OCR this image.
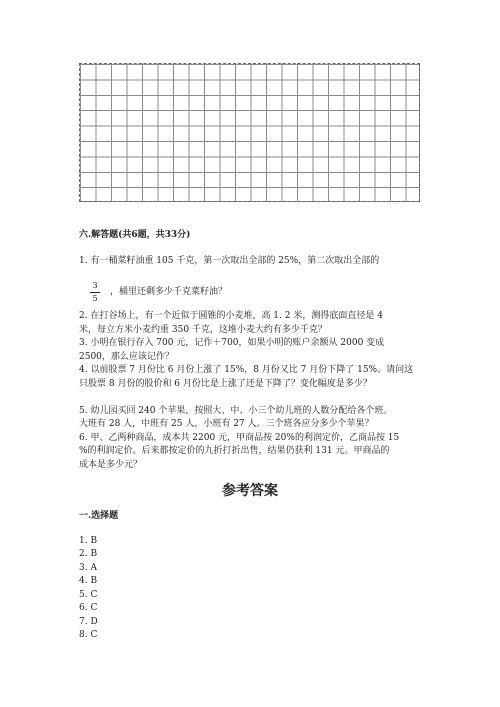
六.解答题(共6题，共33分)
1. 有一桶菜籽油重 105 千克，第一次取出全部的 25%，第二次取出全部的
3
5
，桶里还剩多少千克菜籽油？
2. 在打谷场上，有一个近似于圆锥的小麦堆，高 1. 2 米，测得底面直径是 4
米，每立方米小麦约重 350 千克，这堆小麦大约有多少千克？
3. 小明在银行存入 700 元，记作＋700，如果小明的账户余额从 2000 变成
2500，那么应该记作？
4. 以前股票 7 月份比 6 月份上涨了 15%，8 月份又比 7 月份下降了 15%。请问这
只股票 8 月份的股价和 6 月份比是上涨了还是下降了？变化幅度是多少？
5. 幼儿园买回 240 个苹果，按照大、中、小三个幼儿班的人数分配给各个班。
大班有 28 人，中班有 25 人，小班有 27 人。三个班各应分多少个苹果？
6. 甲、乙两种商品，成本共 2200 元，甲商品按 20%的利润定价，乙商品按 15
%的利润定价。后来都按定价的九折打折出售，结果仍获利 131 元。甲商品的
成本是多少元？
参考答案
一.选择题
1. B
2. B
3. A
4. B
5. C
6. C
7. D
8. C
